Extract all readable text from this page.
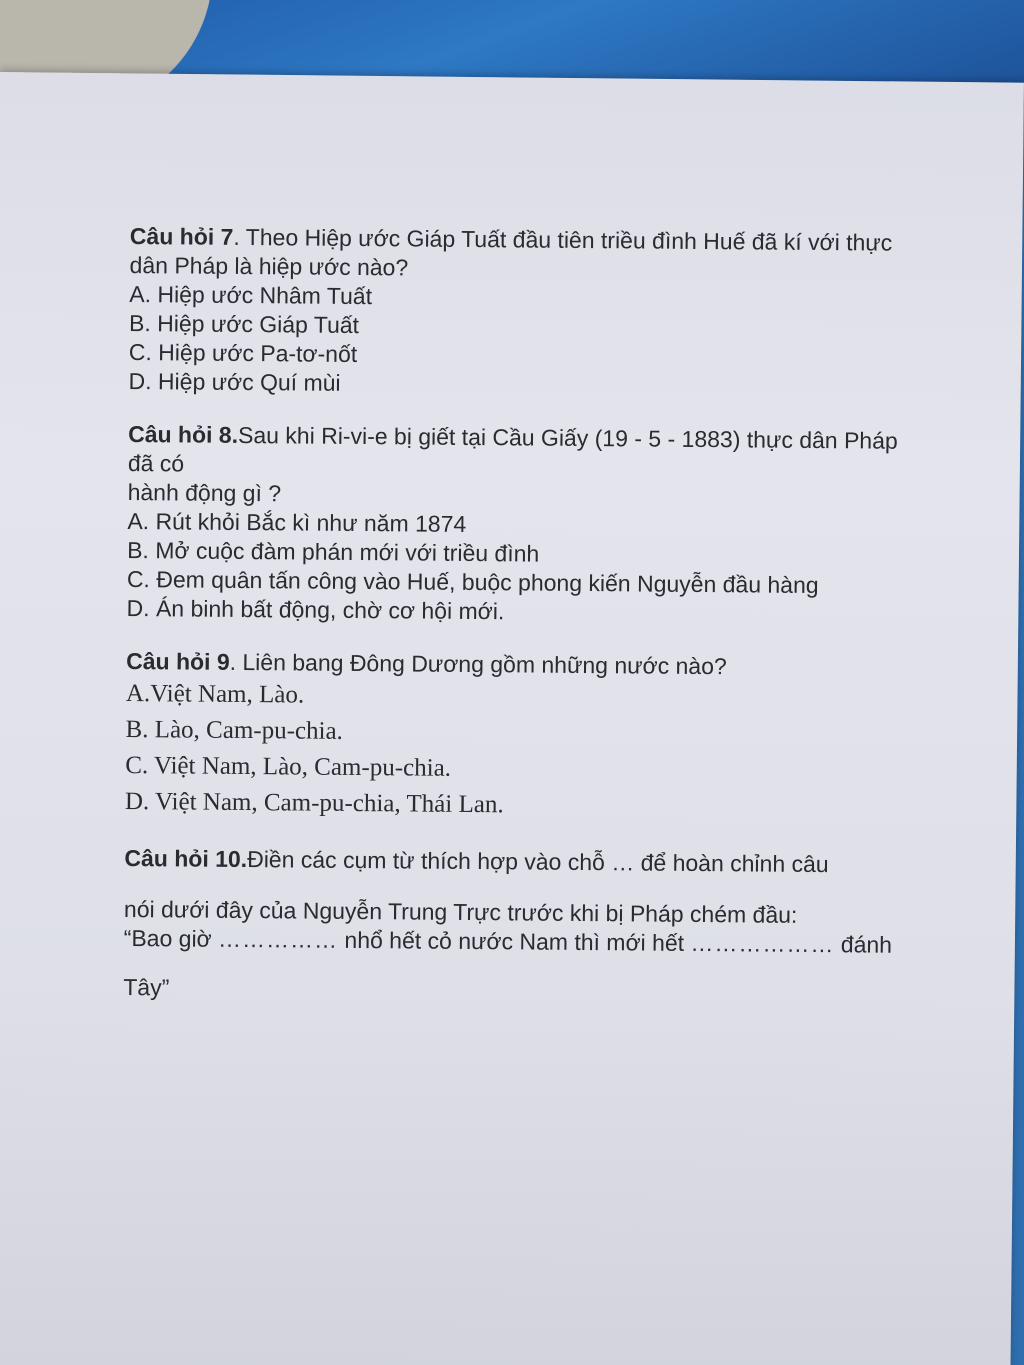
Câu hỏi 7. Theo Hiệp ước Giáp Tuất đầu tiên triều đình Huế đã kí với thực
dân Pháp là hiệp ước nào?
A. Hiệp ước Nhâm Tuất
B. Hiệp ước Giáp Tuất
C. Hiệp ước Pa-tơ-nốt
D. Hiệp ước Quí mùi
Câu hỏi 8.Sau khi Ri-vi-e bị giết tại Cầu Giấy (19 - 5 - 1883) thực dân Pháp
đã có
hành động gì ?
A. Rút khỏi Bắc kì như năm 1874
B. Mở cuộc đàm phán mới với triều đình
C. Đem quân tấn công vào Huế, buộc phong kiến Nguyễn đầu hàng
D. Án binh bất động, chờ cơ hội mới.
Câu hỏi 9. Liên bang Đông Dương gồm những nước nào?
A.Việt Nam, Lào.
B. Lào, Cam-pu-chia.
C. Việt Nam, Lào, Cam-pu-chia.
D. Việt Nam, Cam-pu-chia, Thái Lan.
Câu hỏi 10.Điền các cụm từ thích hợp vào chỗ … để hoàn chỉnh câu
nói dưới đây của Nguyễn Trung Trực trước khi bị Pháp chém đầu:
“Bao giờ …………… nhổ hết cỏ nước Nam thì mới hết ……………… đánh
Tây”
